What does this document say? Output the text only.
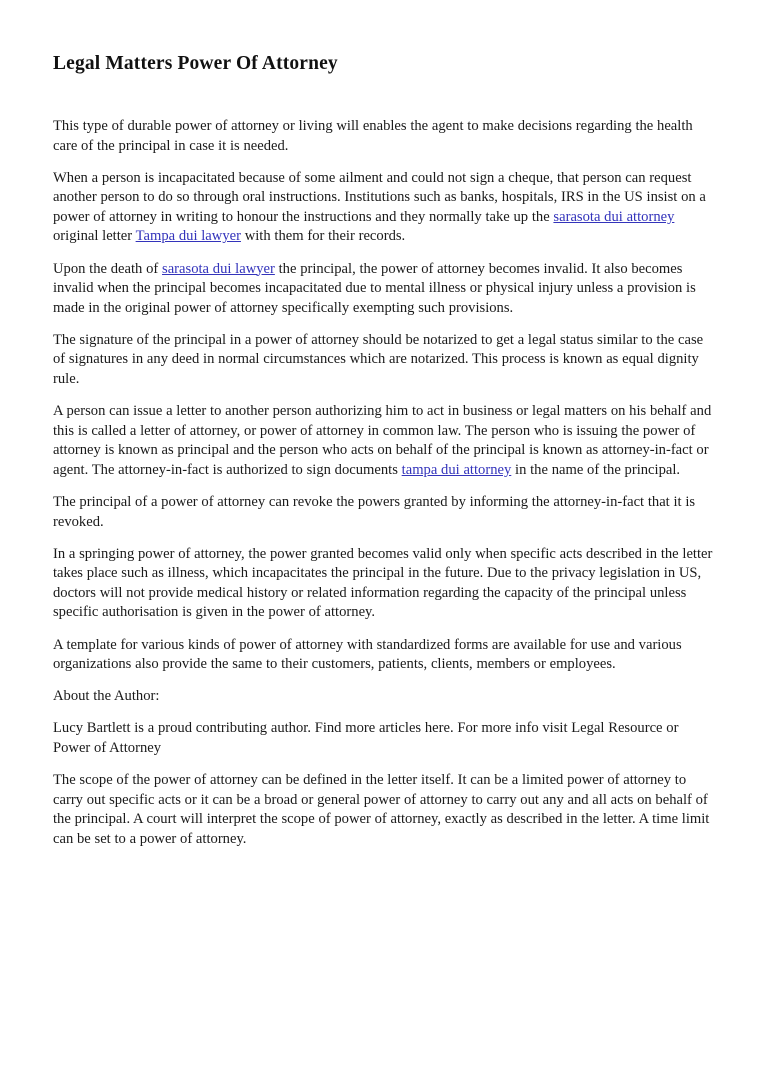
Legal Matters Power Of Attorney

This type of durable power of attorney or living will enables the agent to make decisions regarding the health care of the principal in case it is needed.

When a person is incapacitated because of some ailment and could not sign a cheque, that person can request another person to do so through oral instructions. Institutions such as banks, hospitals, IRS in the US insist on a power of attorney in writing to honour the instructions and they normally take up the sarasota dui attorney original letter Tampa dui lawyer with them for their records.

Upon the death of sarasota dui lawyer the principal, the power of attorney becomes invalid. It also becomes invalid when the principal becomes incapacitated due to mental illness or physical injury unless a provision is made in the original power of attorney specifically exempting such provisions.

The signature of the principal in a power of attorney should be notarized to get a legal status similar to the case of signatures in any deed in normal circumstances which are notarized. This process is known as equal dignity rule.

A person can issue a letter to another person authorizing him to act in business or legal matters on his behalf and this is called a letter of attorney, or power of attorney in common law. The person who is issuing the power of attorney is known as principal and the person who acts on behalf of the principal is known as attorney-in-fact or agent. The attorney-in-fact is authorized to sign documents tampa dui attorney in the name of the principal.

The principal of a power of attorney can revoke the powers granted by informing the attorney-in-fact that it is revoked.

In a springing power of attorney, the power granted becomes valid only when specific acts described in the letter takes place such as illness, which incapacitates the principal in the future. Due to the privacy legislation in US, doctors will not provide medical history or related information regarding the capacity of the principal unless specific authorisation is given in the power of attorney.

A template for various kinds of power of attorney with standardized forms are available for use and various organizations also provide the same to their customers, patients, clients, members or employees.

About the Author:

Lucy Bartlett is a proud contributing author. Find more articles here. For more info visit Legal Resource or Power of Attorney

The scope of the power of attorney can be defined in the letter itself. It can be a limited power of attorney to carry out specific acts or it can be a broad or general power of attorney to carry out any and all acts on behalf of the principal. A court will interpret the scope of power of attorney, exactly as described in the letter. A time limit can be set to a power of attorney.
